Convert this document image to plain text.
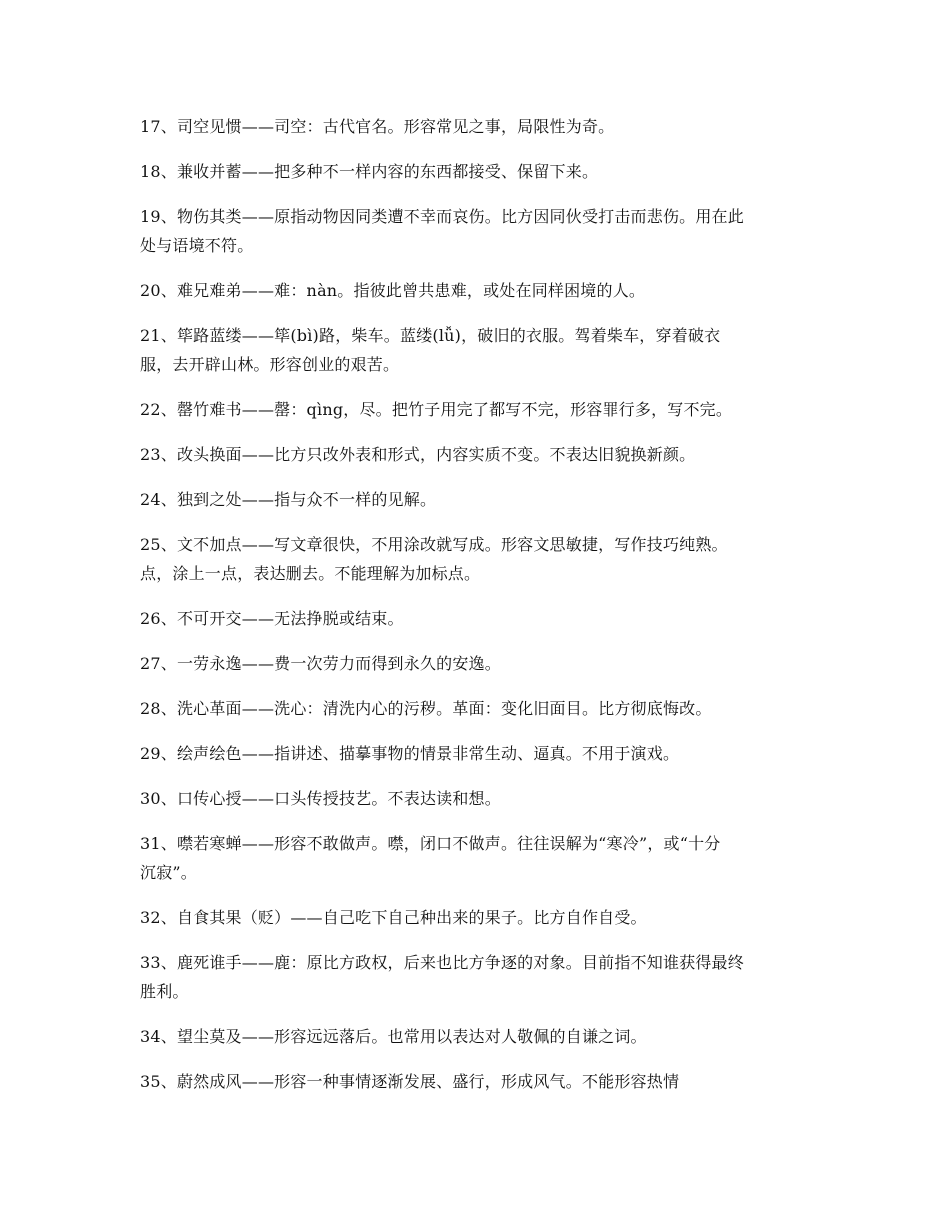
17、司空见惯——司空：古代官名。形容常见之事，局限性为奇。

18、兼收并蓄——把多种不一样内容的东西都接受、保留下来。

19、物伤其类——原指动物因同类遭不幸而哀伤。比方因同伙受打击而悲伤。用在此
处与语境不符。

20、难兄难弟——难：nàn。指彼此曾共患难，或处在同样困境的人。

21、筚路蓝缕——筚(bì)路，柴车。蓝缕(lǚ)，破旧的衣服。驾着柴车，穿着破衣
服，去开辟山林。形容创业的艰苦。

22、罄竹难书——罄：qìng，尽。把竹子用完了都写不完，形容罪行多，写不完。

23、改头换面——比方只改外表和形式，内容实质不变。不表达旧貌换新颜。

24、独到之处——指与众不一样的见解。

25、文不加点——写文章很快，不用涂改就写成。形容文思敏捷，写作技巧纯熟。
点，涂上一点，表达删去。不能理解为加标点。

26、不可开交——无法挣脱或结束。

27、一劳永逸——费一次劳力而得到永久的安逸。

28、洗心革面——洗心：清洗内心的污秽。革面：变化旧面目。比方彻底悔改。

29、绘声绘色——指讲述、描摹事物的情景非常生动、逼真。不用于演戏。

30、口传心授——口头传授技艺。不表达读和想。

31、噤若寒蝉——形容不敢做声。噤，闭口不做声。往往误解为“寒冷”，或“十分
沉寂”。

32、自食其果（贬）——自己吃下自己种出来的果子。比方自作自受。

33、鹿死谁手——鹿：原比方政权，后来也比方争逐的对象。目前指不知谁获得最终
胜利。

34、望尘莫及——形容远远落后。也常用以表达对人敬佩的自谦之词。

35、蔚然成风——形容一种事情逐渐发展、盛行，形成风气。不能形容热情
